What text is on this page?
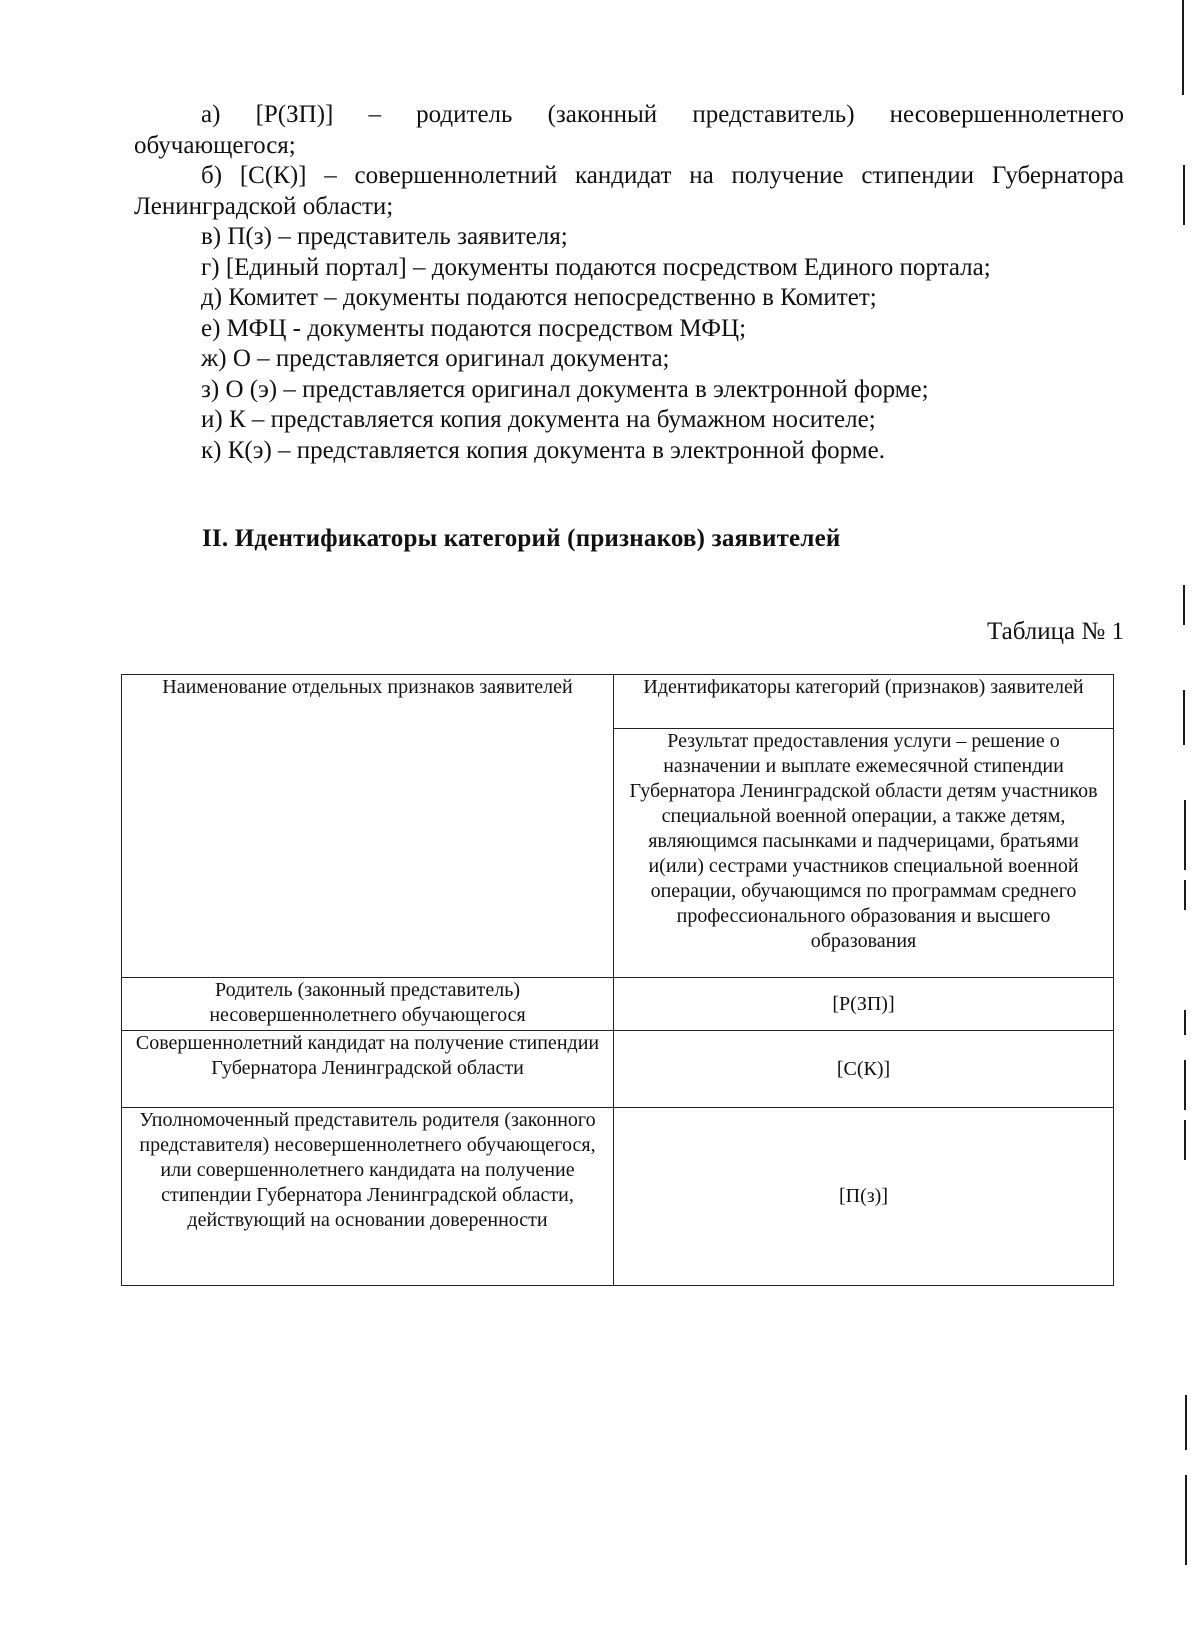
а) [Р(ЗП)] – родитель (законный представитель) несовершеннолетнего обучающегося;

б) [С(К)] – совершеннолетний кандидат на получение стипендии Губернатора Ленинградской области;

в) П(з) – представитель заявителя;

г) [Единый портал] – документы подаются посредством Единого портала;

д) Комитет – документы подаются непосредственно в Комитет;

е) МФЦ - документы подаются посредством МФЦ;

ж) О – представляется оригинал документа;

з) О (э) – представляется оригинал документа в электронной форме;

и) К – представляется копия документа на бумажном носителе;

к) К(э) – представляется копия документа в электронной форме.

II. Идентификаторы категорий (признаков) заявителей
Таблица № 1
Наименование отдельных признаков заявителей	Идентификаторы категорий (признаков) заявителей
	Результат предоставления услуги – решение о назначении и выплате ежемесячной стипендии Губернатора Ленинградской области детям участников специальной военной операции, а также детям, являющимся пасынками и падчерицами, братьями и(или) сестрами участников специальной военной операции, обучающимся по программам среднего профессионального образования и высшего образования
Родитель (законный представитель) несовершеннолетнего обучающегося	[Р(ЗП)]
Совершеннолетний кандидат на получение стипендии Губернатора Ленинградской области	[С(К)]
Уполномоченный представитель родителя (законного представителя) несовершеннолетнего обучающегося, или совершеннолетнего кандидата на получение стипендии Губернатора Ленинградской области, действующий на основании доверенности	[П(з)]
